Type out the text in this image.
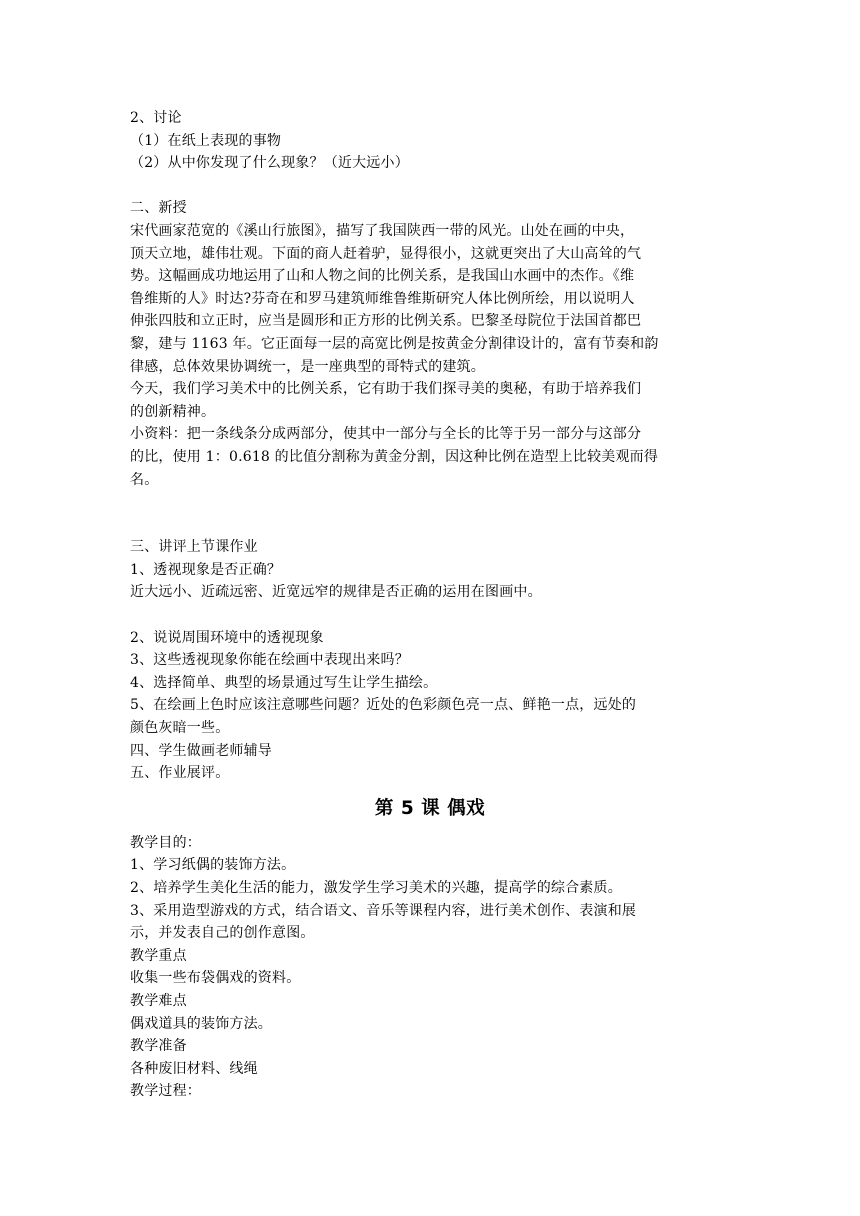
2、讨论
（1）在纸上表现的事物
（2）从中你发现了什么现象？（近大远小）
二、新授
宋代画家范宽的《溪山行旅图》，描写了我国陕西一带的风光。山处在画的中央，
顶天立地，雄伟壮观。下面的商人赶着驴，显得很小，这就更突出了大山高耸的气
势。这幅画成功地运用了山和人物之间的比例关系，是我国山水画中的杰作。《维
鲁维斯的人》时达?芬奇在和罗马建筑师维鲁维斯研究人体比例所绘，用以说明人
伸张四肢和立正时，应当是圆形和正方形的比例关系。巴黎圣母院位于法国首都巴
黎，建与 1163 年。它正面每一层的高宽比例是按黄金分割律设计的，富有节奏和韵
律感，总体效果协调统一，是一座典型的哥特式的建筑。
今天，我们学习美术中的比例关系，它有助于我们探寻美的奥秘，有助于培养我们
的创新精神。
小资料：把一条线条分成两部分，使其中一部分与全长的比等于另一部分与这部分
的比，使用 1：0.618 的比值分割称为黄金分割，因这种比例在造型上比较美观而得
名。
三、讲评上节课作业
1、透视现象是否正确？
近大远小、近疏远密、近宽远窄的规律是否正确的运用在图画中。
2、说说周围环境中的透视现象
3、这些透视现象你能在绘画中表现出来吗？
4、选择简单、典型的场景通过写生让学生描绘。
5、在绘画上色时应该注意哪些问题？近处的色彩颜色亮一点、鲜艳一点，远处的
颜色灰暗一些。
四、学生做画老师辅导
五、作业展评。
第 5 课 偶戏
教学目的：
1、学习纸偶的装饰方法。
2、培养学生美化生活的能力，激发学生学习美术的兴趣，提高学的综合素质。
3、采用造型游戏的方式，结合语文、音乐等课程内容，进行美术创作、表演和展
示，并发表自己的创作意图。
教学重点
收集一些布袋偶戏的资料。
教学难点
偶戏道具的装饰方法。
教学准备
各种废旧材料、线绳
教学过程：
